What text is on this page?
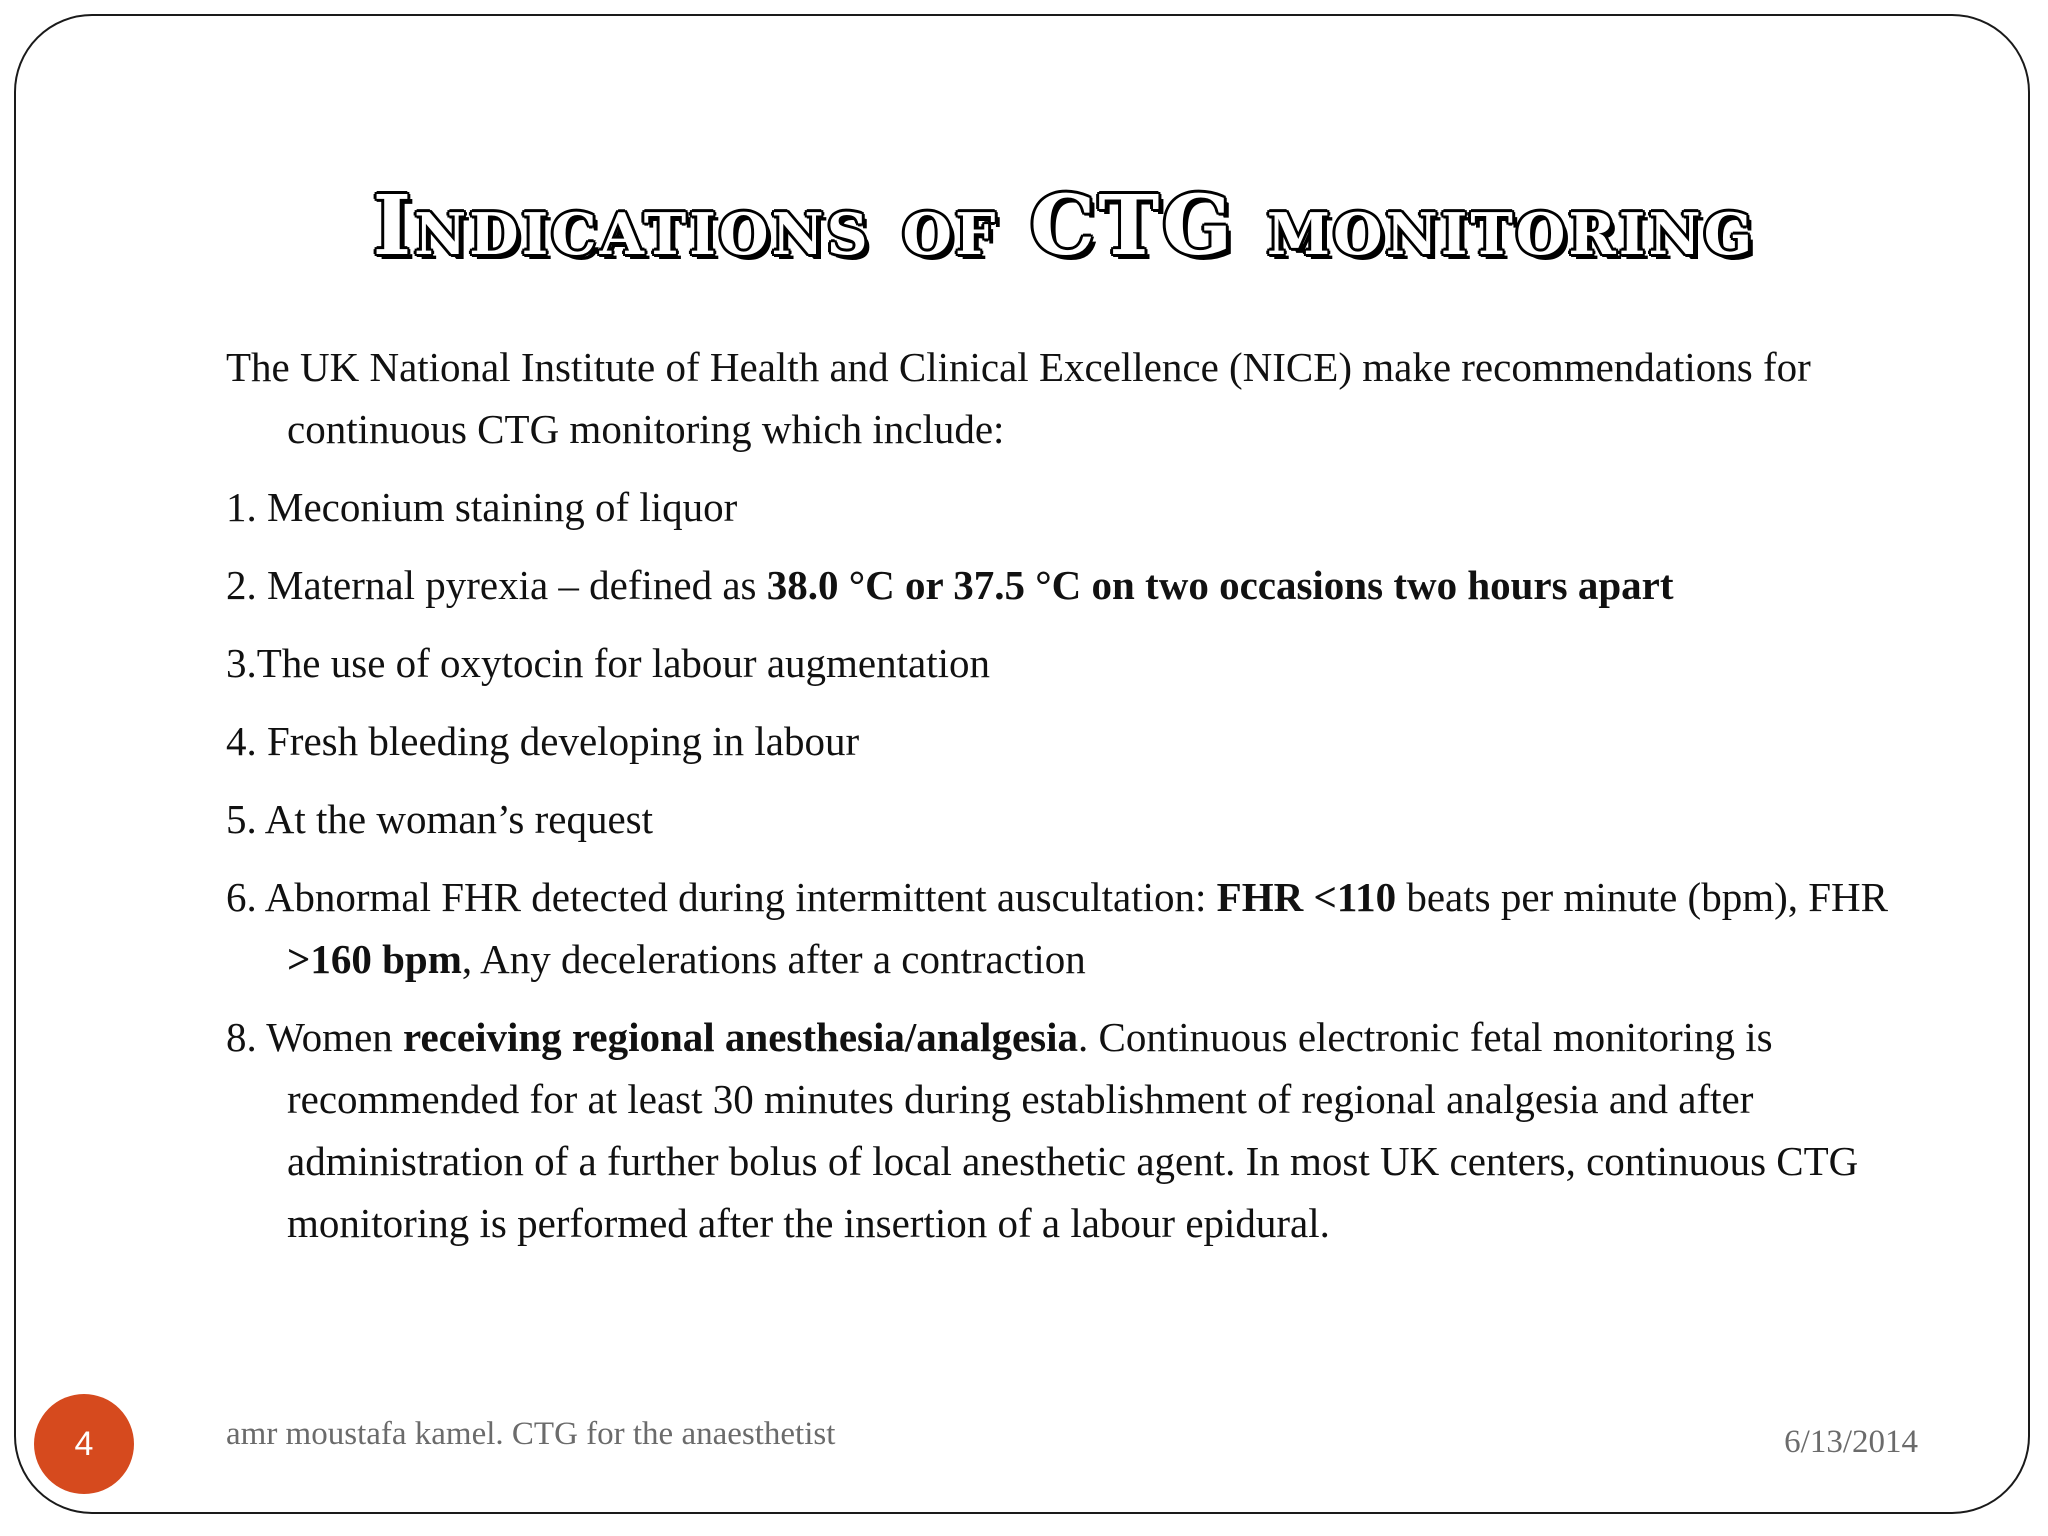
Indications of CTG monitoring

The UK National Institute of Health and Clinical Excellence (NICE) make recommendations for continuous CTG monitoring which include:

1. Meconium staining of liquor

2. Maternal pyrexia – defined as 38.0 °C or 37.5 °C on two occasions two hours apart

3.The use of oxytocin for labour augmentation

4. Fresh bleeding developing in labour

5. At the woman’s request

6. Abnormal FHR detected during intermittent auscultation: FHR <110 beats per minute (bpm), FHR >160 bpm, Any decelerations after a contraction

8. Women receiving regional anesthesia/analgesia. Continuous electronic fetal monitoring is recommended for at least 30 minutes during establishment of regional analgesia and after administration of a further bolus of local anesthetic agent. In most UK centers, continuous CTG monitoring is performed after the insertion of a labour epidural.

4	amr moustafa kamel. CTG for the anaesthetist	6/13/2014
